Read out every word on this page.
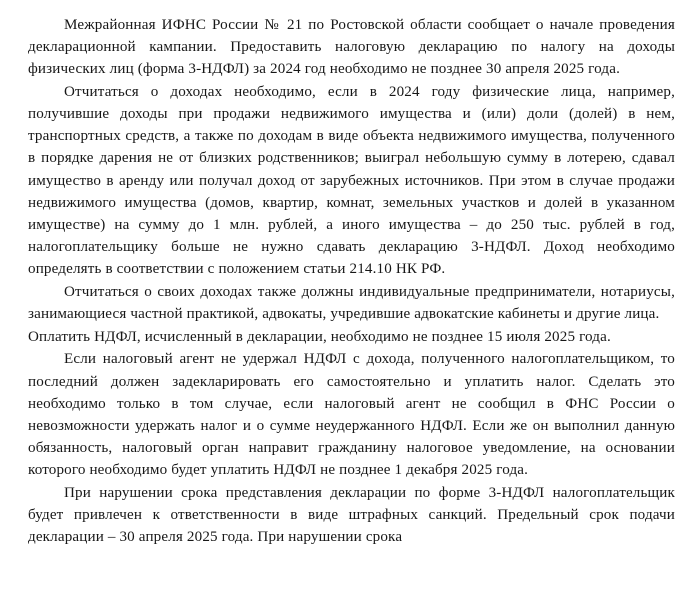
Межрайонная ИФНС России № 21 по Ростовской области сообщает о начале проведения декларационной кампании. Предоставить налоговую декларацию по налогу на доходы физических лиц (форма 3-НДФЛ) за 2024 год необходимо не позднее 30 апреля 2025 года.

Отчитаться о доходах необходимо, если в 2024 году физические лица, например, получившие доходы при продажи недвижимого имущества и (или) доли (долей) в нем, транспортных средств, а также по доходам в виде объекта недвижимого имущества, полученного в порядке дарения не от близких родственников; выиграл небольшую сумму в лотерею, сдавал имущество в аренду или получал доход от зарубежных источников. При этом в случае продажи недвижимого имущества (домов, квартир, комнат, земельных участков и долей в указанном имуществе) на сумму до 1 млн. рублей, а иного имущества – до 250 тыс. рублей в год, налогоплательщику больше не нужно сдавать декларацию 3-НДФЛ. Доход необходимо определять в соответствии с положением статьи 214.10 НК РФ.

Отчитаться о своих доходах также должны индивидуальные предприниматели, нотариусы, занимающиеся частной практикой, адвокаты, учредившие адвокатские кабинеты и другие лица.

Оплатить НДФЛ, исчисленный в декларации, необходимо не позднее 15 июля 2025 года.

Если налоговый агент не удержал НДФЛ с дохода, полученного налогоплательщиком, то последний должен задекларировать его самостоятельно и уплатить налог. Сделать это необходимо только в том случае, если налоговый агент не сообщил в ФНС России о невозможности удержать налог и о сумме неудержанного НДФЛ. Если же он выполнил данную обязанность, налоговый орган направит гражданину налоговое уведомление, на основании которого необходимо будет уплатить НДФЛ не позднее 1 декабря 2025 года.

При нарушении срока представления декларации по форме 3-НДФЛ налогоплательщик будет привлечен к ответственности в виде штрафных санкций. Предельный срок подачи декларации – 30 апреля 2025 года. При нарушении срока
